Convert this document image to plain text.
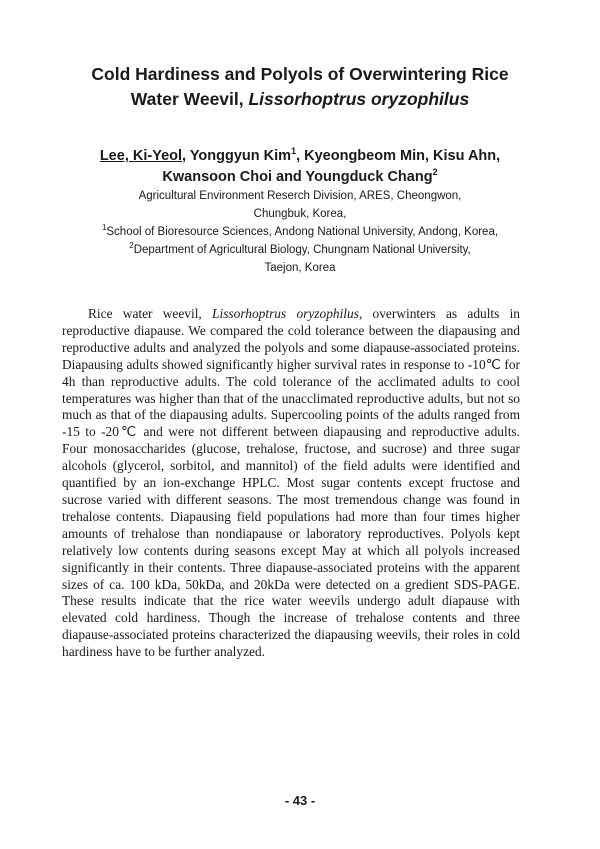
Cold Hardiness and Polyols of Overwintering Rice
Water Weevil, Lissorhoptrus oryzophilus

Lee, Ki-Yeol, Yonggyun Kim$^1$, Kyeongbeom Min, Kisu Ahn,
Kwansoon Choi and Youngduck Chang$^2$

Agricultural Environment Reserch Division, ARES, Cheongwon,
Chungbuk, Korea,
$^1$School of Bioresource Sciences, Andong National University, Andong, Korea,
$^2$Department of Agricultural Biology, Chungnam National University,
Taejon, Korea

Rice water weevil, Lissorhoptrus oryzophilus, overwinters as adults in reproductive diapause. We compared the cold tolerance between the diapausing and reproductive adults and analyzed the polyols and some diapause-associated proteins. Diapausing adults showed significantly higher survival rates in response to -10℃ for 4h than reproductive adults. The cold tolerance of the acclimated adults to cool temperatures was higher than that of the unacclimated reproductive adults, but not so much as that of the diapausing adults. Supercooling points of the adults ranged from -15 to -20℃ and were not different between diapausing and reproductive adults. Four monosaccharides (glucose, trehalose, fructose, and sucrose) and three sugar alcohols (glycerol, sorbitol, and mannitol) of the field adults were identified and quantified by an ion-exchange HPLC. Most sugar contents except fructose and sucrose varied with different seasons. The most tremendous change was found in trehalose contents. Diapausing field populations had more than four times higher amounts of trehalose than nondiapause or laboratory reproductives. Polyols kept relatively low contents during seasons except May at which all polyols increased significantly in their contents. Three diapause-associated proteins with the apparent sizes of ca. 100 kDa, 50kDa, and 20kDa were detected on a gredient SDS-PAGE. These results indicate that the rice water weevils undergo adult diapause with elevated cold hardiness. Though the increase of trehalose contents and three diapause-associated proteins characterized the diapausing weevils, their roles in cold hardiness have to be further analyzed.

- 43 -
